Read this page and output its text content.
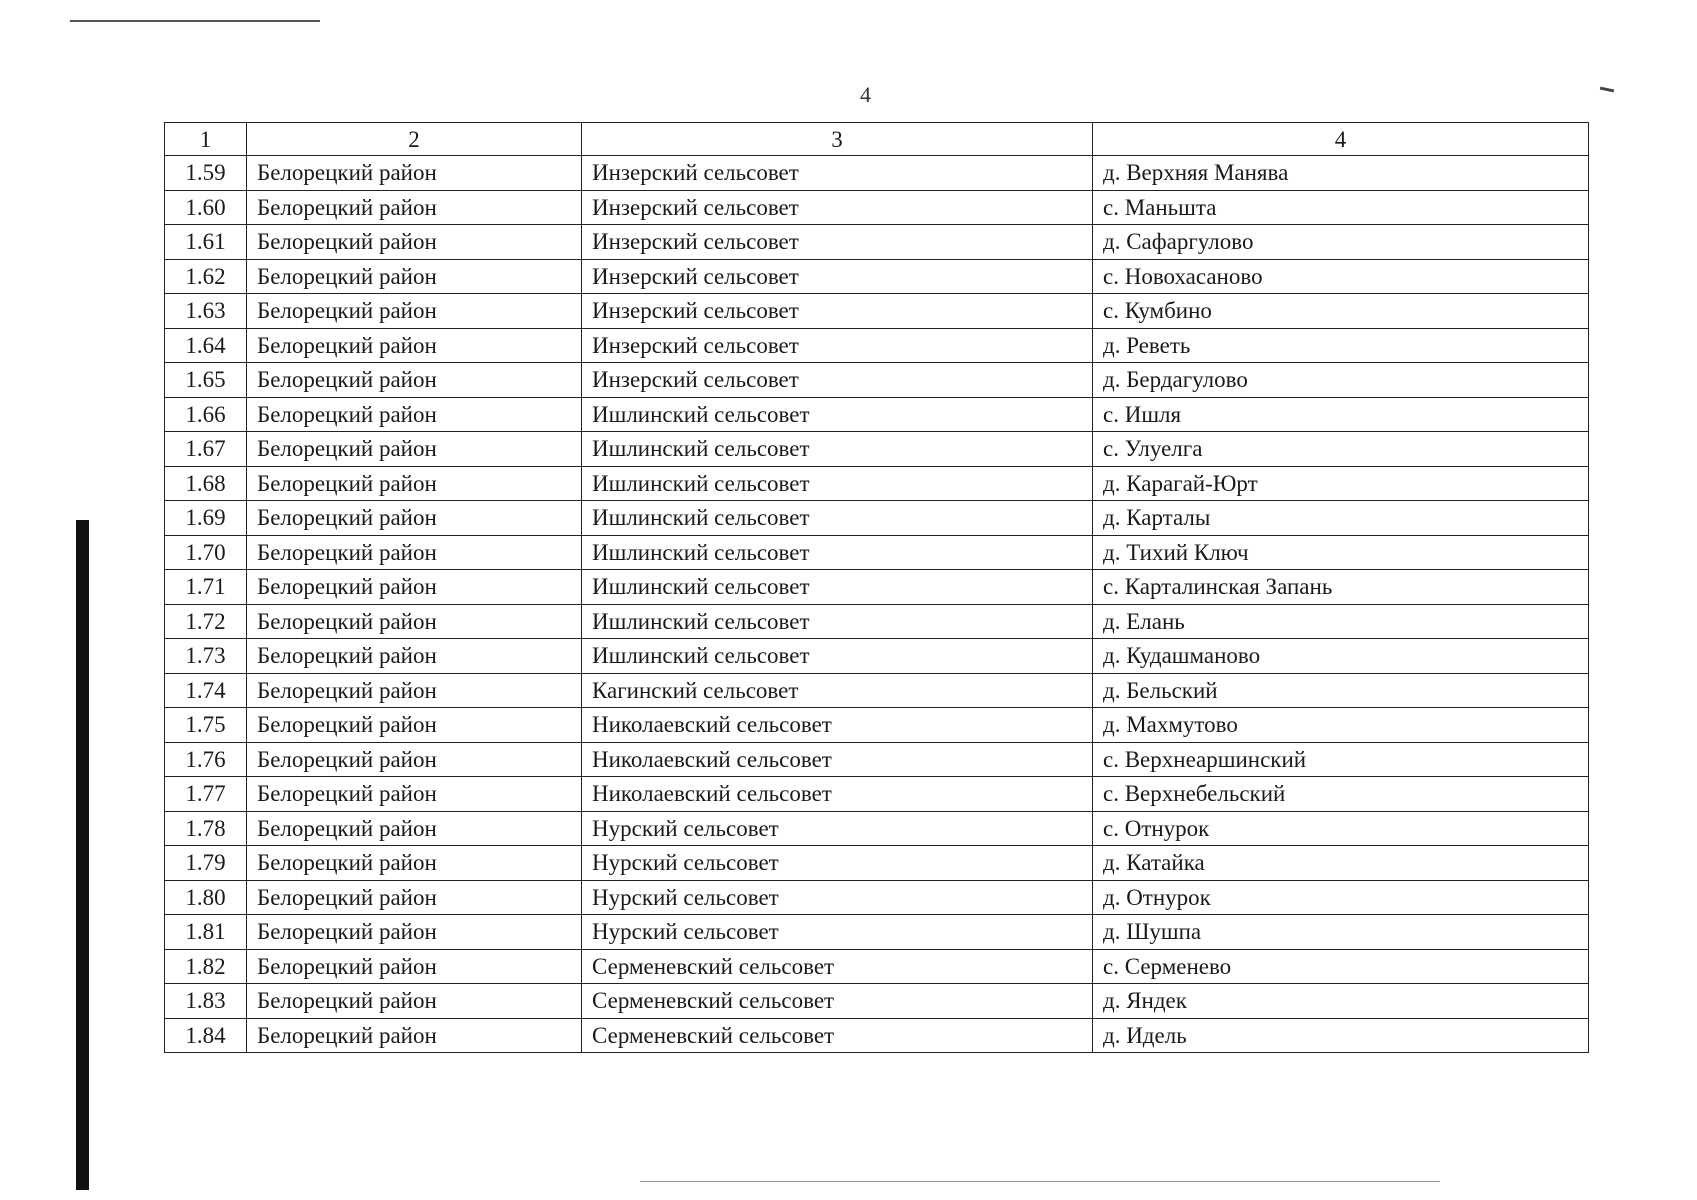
4
1	2	3	4
1.59	Белорецкий район	Инзерский сельсовет	д. Верхняя Манява
1.60	Белорецкий район	Инзерский сельсовет	с. Маньшта
1.61	Белорецкий район	Инзерский сельсовет	д. Сафаргулово
1.62	Белорецкий район	Инзерский сельсовет	с. Новохасаново
1.63	Белорецкий район	Инзерский сельсовет	с. Кумбино
1.64	Белорецкий район	Инзерский сельсовет	д. Реветь
1.65	Белорецкий район	Инзерский сельсовет	д. Бердагулово
1.66	Белорецкий район	Ишлинский сельсовет	с. Ишля
1.67	Белорецкий район	Ишлинский сельсовет	с. Улуелга
1.68	Белорецкий район	Ишлинский сельсовет	д. Карагай-Юрт
1.69	Белорецкий район	Ишлинский сельсовет	д. Карталы
1.70	Белорецкий район	Ишлинский сельсовет	д. Тихий Ключ
1.71	Белорецкий район	Ишлинский сельсовет	с. Карталинская Запань
1.72	Белорецкий район	Ишлинский сельсовет	д. Елань
1.73	Белорецкий район	Ишлинский сельсовет	д. Кудашманово
1.74	Белорецкий район	Кагинский сельсовет	д. Бельский
1.75	Белорецкий район	Николаевский сельсовет	д. Махмутово
1.76	Белорецкий район	Николаевский сельсовет	с. Верхнеаршинский
1.77	Белорецкий район	Николаевский сельсовет	с. Верхнебельский
1.78	Белорецкий район	Нурский сельсовет	с. Отнурок
1.79	Белорецкий район	Нурский сельсовет	д. Катайка
1.80	Белорецкий район	Нурский сельсовет	д. Отнурок
1.81	Белорецкий район	Нурский сельсовет	д. Шушпа
1.82	Белорецкий район	Серменевский сельсовет	с. Серменево
1.83	Белорецкий район	Серменевский сельсовет	д. Яндек
1.84	Белорецкий район	Серменевский сельсовет	д. Идель
